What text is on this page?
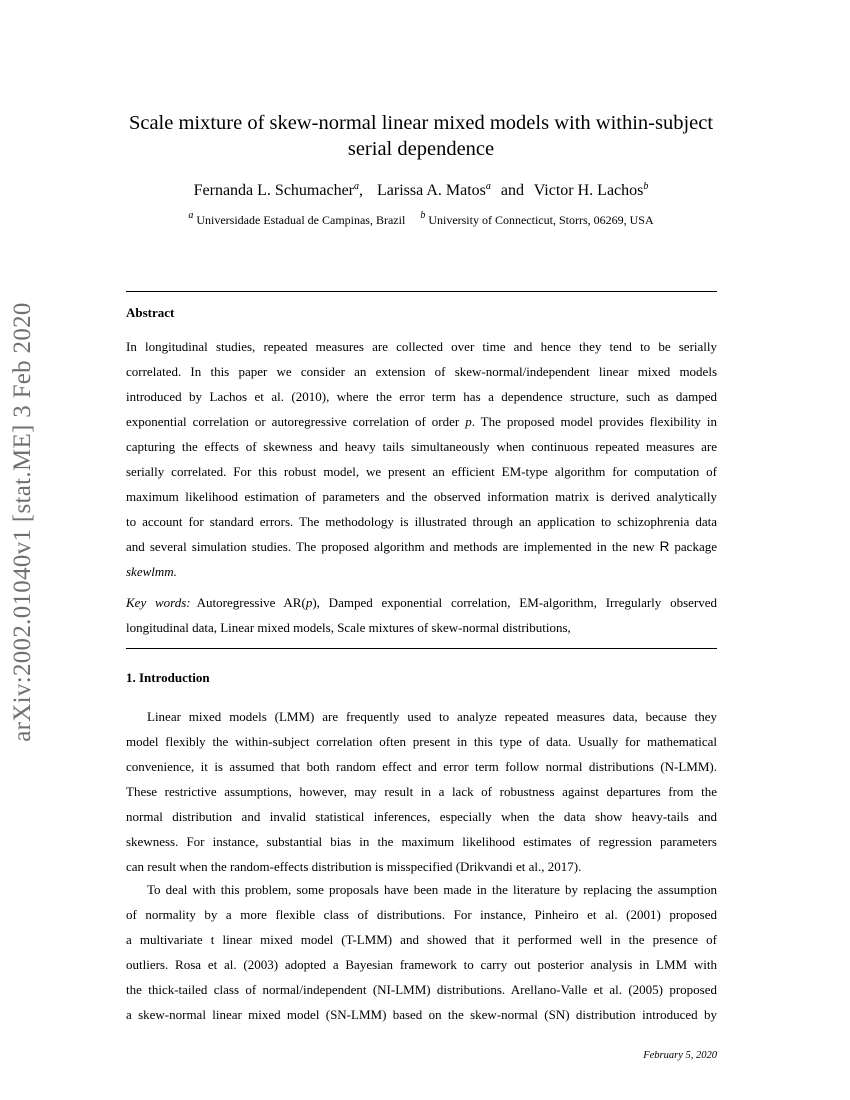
arXiv:2002.01040v1 [stat.ME] 3 Feb 2020
Scale mixture of skew-normal linear mixed models with within-subject
serial dependence
Fernanda L. Schumacher$^a$, Larissa A. Matos$^a$ and Victor H. Lachos$^b$
$^a$ Universidade Estadual de Campinas, Brazil $^b$ University of Connecticut, Storrs, 06269, USA
Abstract
In longitudinal studies, repeated measures are collected over time and hence they tend to be serially
correlated. In this paper we consider an extension of skew-normal/independent linear mixed models
introduced by Lachos et al. (2010), where the error term has a dependence structure, such as damped
exponential correlation or autoregressive correlation of order p. The proposed model provides flexibility in
capturing the effects of skewness and heavy tails simultaneously when continuous repeated measures are
serially correlated. For this robust model, we present an efficient EM-type algorithm for computation of
maximum likelihood estimation of parameters and the observed information matrix is derived analytically
to account for standard errors. The methodology is illustrated through an application to schizophrenia data
and several simulation studies. The proposed algorithm and methods are implemented in the new R package
skewlmm.
Key words: Autoregressive AR(p), Damped exponential correlation, EM-algorithm, Irregularly observed
longitudinal data, Linear mixed models, Scale mixtures of skew-normal distributions,
1. Introduction
Linear mixed models (LMM) are frequently used to analyze repeated measures data, because they
model flexibly the within-subject correlation often present in this type of data. Usually for mathematical
convenience, it is assumed that both random effect and error term follow normal distributions (N-LMM).
These restrictive assumptions, however, may result in a lack of robustness against departures from the
normal distribution and invalid statistical inferences, especially when the data show heavy-tails and
skewness. For instance, substantial bias in the maximum likelihood estimates of regression parameters
can result when the random-effects distribution is misspecified (Drikvandi et al., 2017).
To deal with this problem, some proposals have been made in the literature by replacing the assumption
of normality by a more flexible class of distributions. For instance, Pinheiro et al. (2001) proposed
a multivariate t linear mixed model (T-LMM) and showed that it performed well in the presence of
outliers. Rosa et al. (2003) adopted a Bayesian framework to carry out posterior analysis in LMM with
the thick-tailed class of normal/independent (NI-LMM) distributions. Arellano-Valle et al. (2005) proposed
a skew-normal linear mixed model (SN-LMM) based on the skew-normal (SN) distribution introduced by
February 5, 2020
